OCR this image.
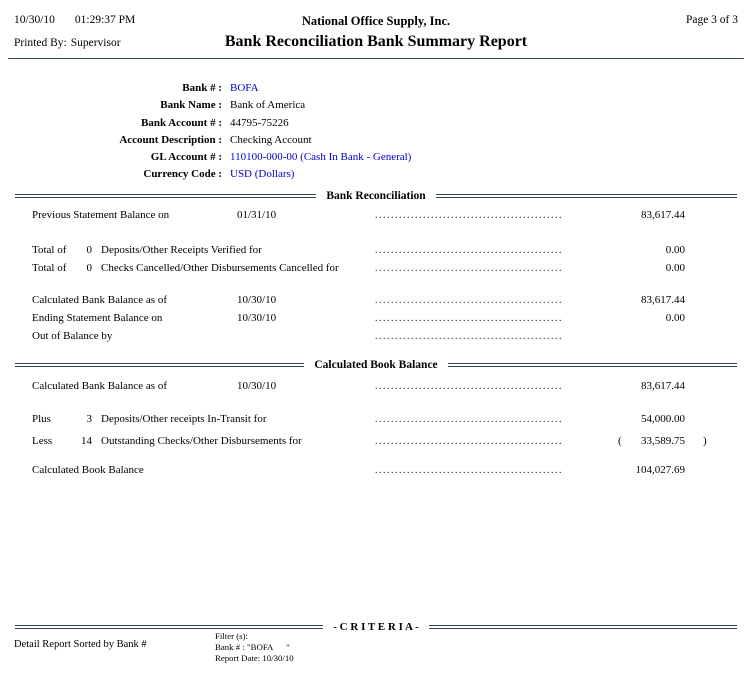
10/30/10 01:29:37 PM	National Office Supply, Inc.	Page 3 of 3
Printed By: Supervisor	Bank Reconciliation Bank Summary Report
Bank # : BOFA
Bank Name : Bank of America
Bank Account # : 44795-75226
Account Description : Checking Account
GL Account # : 110100-000-00 (Cash In Bank - General)
Currency Code : USD (Dollars)
Bank Reconciliation
Previous Statement Balance on	01/31/10 .....	83,617.44
Total of	0 Deposits/Other Receipts Verified for .....	0.00
Total of	0 Checks Cancelled/Other Disbursements Cancelled for .....	0.00
Calculated Bank Balance as of	10/30/10 .....	83,617.44
Ending Statement Balance on	10/30/10 .....	0.00
Out of Balance by
.....
Calculated Book Balance
Calculated Bank Balance as of	10/30/10 .....	83,617.44
Plus	3 Deposits/Other receipts In-Transit for .....	54,000.00
Less	14 Outstanding Checks/Other Disbursements for .....	(	33,589.75 )
Calculated Book Balance .....	104,027.69
- C R I T E R I A -
Detail Report Sorted by Bank #
Filter (s):
Bank # : "BOFA      "
Report Date: 10/30/10
